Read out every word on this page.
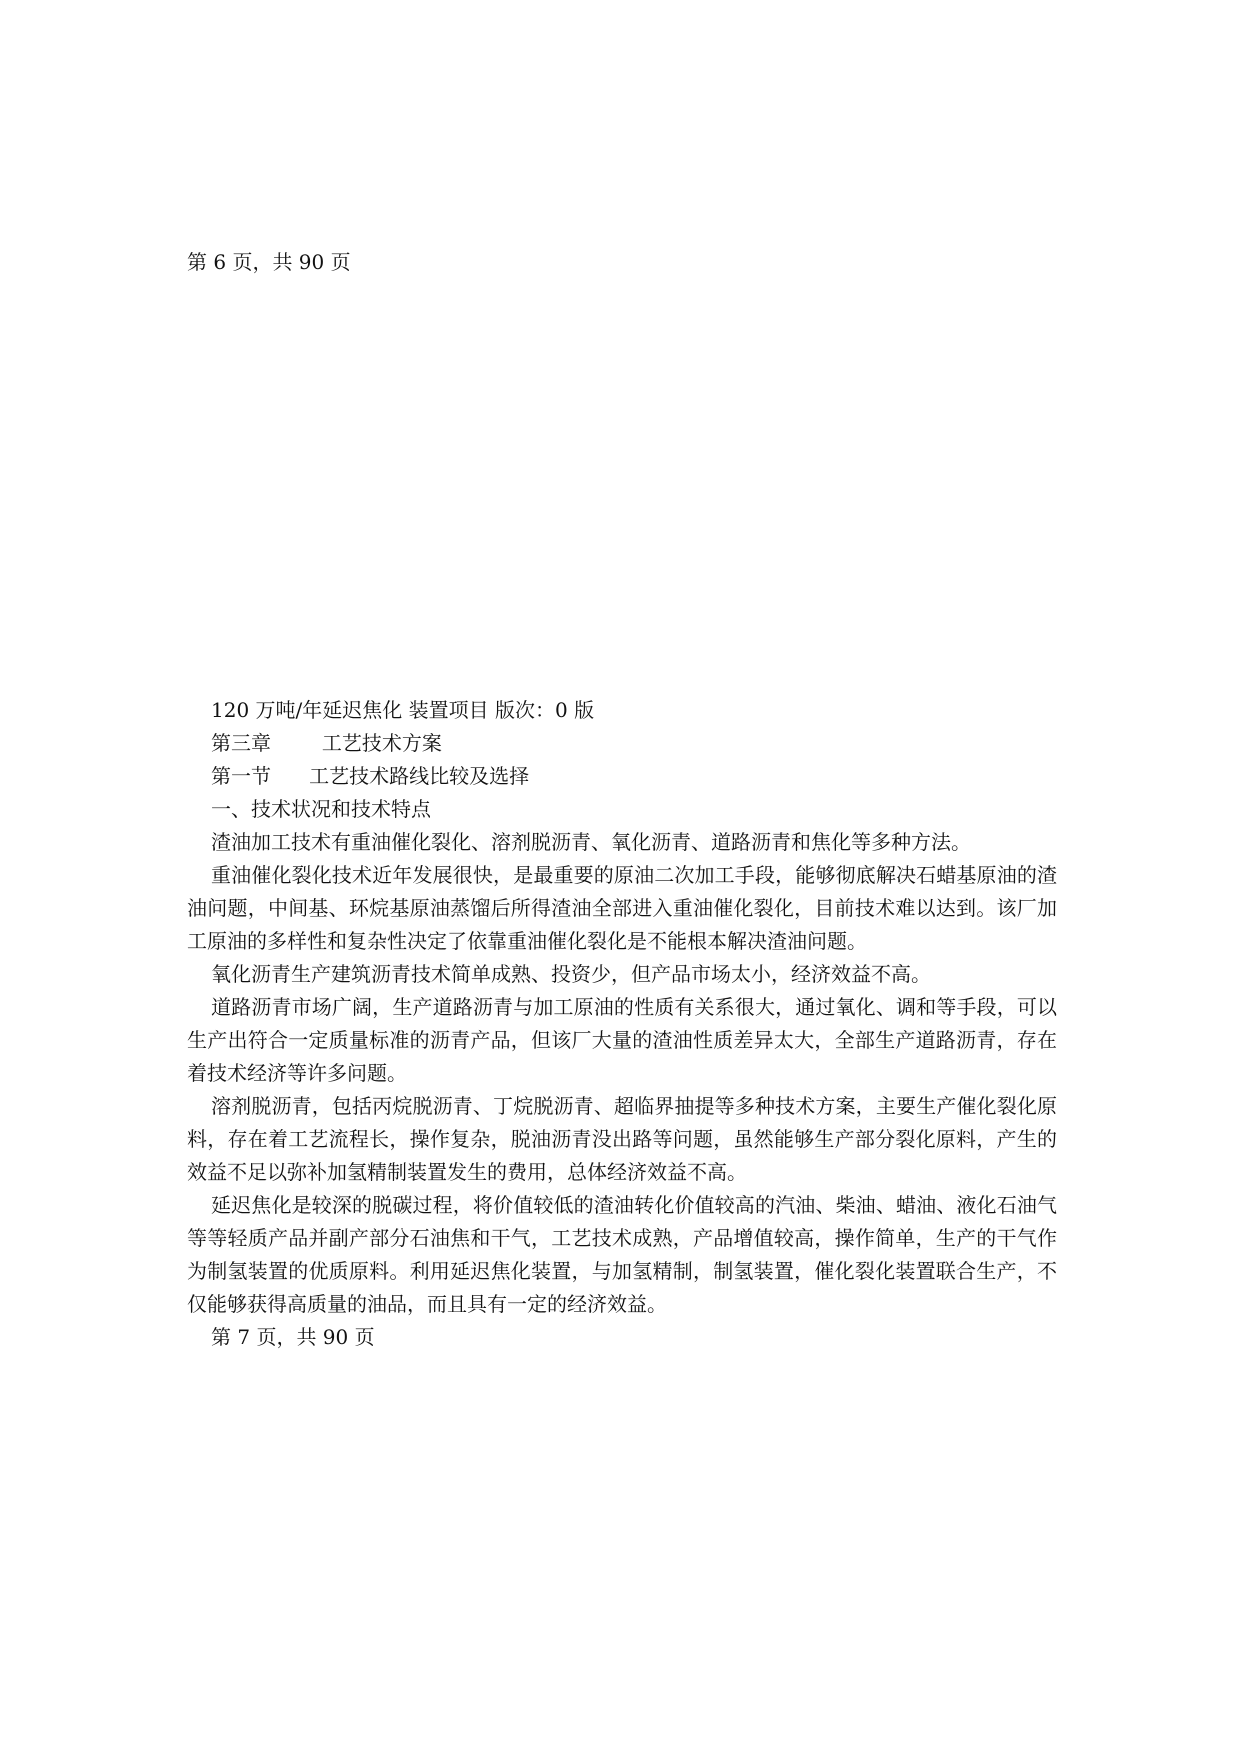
第 6 页，共 90 页

120 万吨/年延迟焦化 装置项目 版次：0 版

第三章        工艺技术方案

第一节      工艺技术路线比较及选择

一、技术状况和技术特点

渣油加工技术有重油催化裂化、溶剂脱沥青、氧化沥青、道路沥青和焦化等多种方法。

重油催化裂化技术近年发展很快，是最重要的原油二次加工手段，能够彻底解决石蜡基原油的渣油问题，中间基、环烷基原油蒸馏后所得渣油全部进入重油催化裂化，目前技术难以达到。该厂加工原油的多样性和复杂性决定了依靠重油催化裂化是不能根本解决渣油问题。

氧化沥青生产建筑沥青技术简单成熟、投资少，但产品市场太小，经济效益不高。

道路沥青市场广阔，生产道路沥青与加工原油的性质有关系很大，通过氧化、调和等手段，可以生产出符合一定质量标准的沥青产品，但该厂大量的渣油性质差异太大，全部生产道路沥青，存在着技术经济等许多问题。

溶剂脱沥青，包括丙烷脱沥青、丁烷脱沥青、超临界抽提等多种技术方案，主要生产催化裂化原料，存在着工艺流程长，操作复杂，脱油沥青没出路等问题，虽然能够生产部分裂化原料，产生的效益不足以弥补加氢精制装置发生的费用，总体经济效益不高。

延迟焦化是较深的脱碳过程，将价值较低的渣油转化价值较高的汽油、柴油、蜡油、液化石油气等等轻质产品并副产部分石油焦和干气，工艺技术成熟，产品增值较高，操作简单，生产的干气作为制氢装置的优质原料。利用延迟焦化装置，与加氢精制，制氢装置，催化裂化装置联合生产，不仅能够获得高质量的油品，而且具有一定的经济效益。

第 7 页，共 90 页
